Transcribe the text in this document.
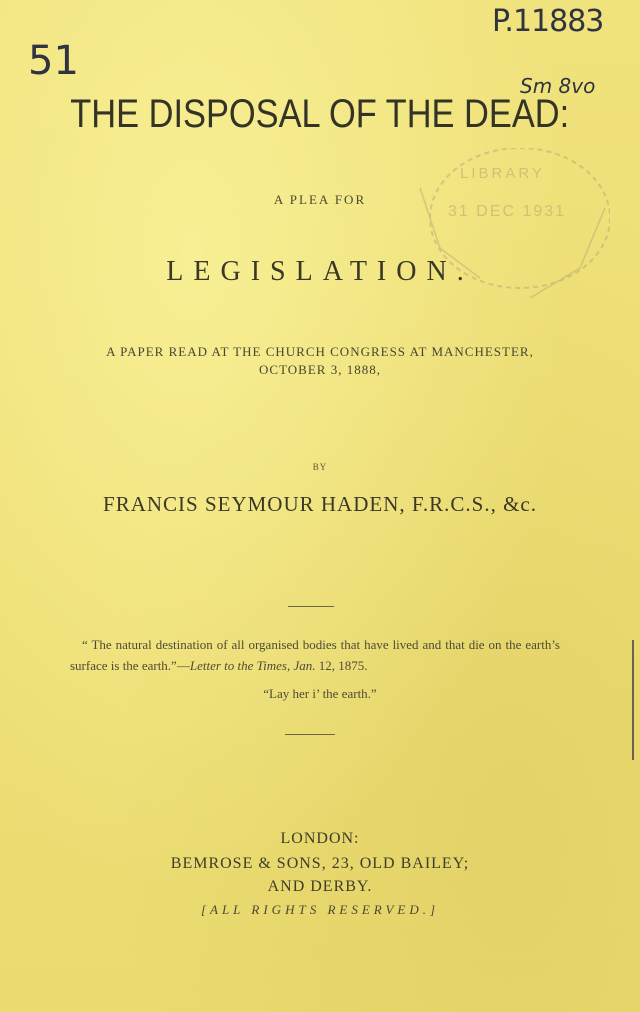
P.11883
51
Sm 8vo
LIBRARY
31 DEC 1931
THE DISPOSAL OF THE DEAD:
A PLEA FOR
LEGISLATION.
A PAPER READ AT THE CHURCH CONGRESS AT MANCHESTER,
OCTOBER 3, 1888,
BY
FRANCIS SEYMOUR HADEN, F.R.C.S., &c.
“ The natural destination of all organised bodies that have lived and that die on the earth’s surface is the earth.”—Letter to the Times, Jan. 12, 1875.
“Lay her i’ the earth.”
LONDON:
BEMROSE & SONS, 23, OLD BAILEY;
AND DERBY.
[ALL RIGHTS RESERVED.]
